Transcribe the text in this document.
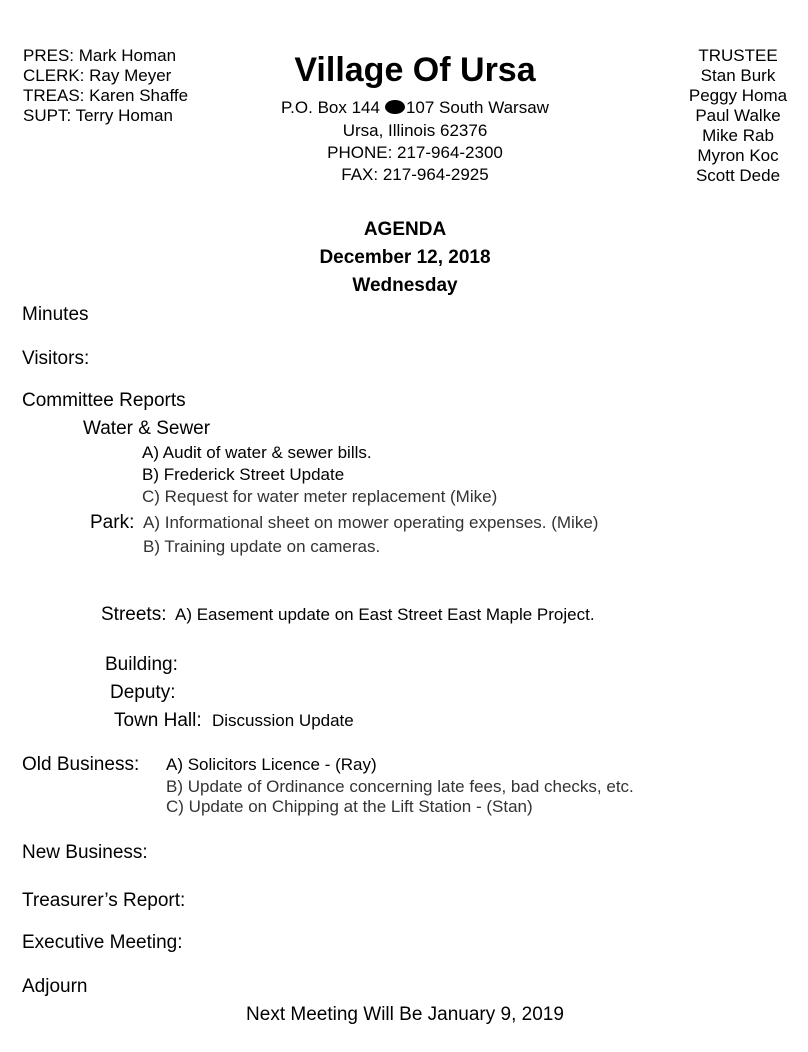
PRES: Mark Homan
CLERK: Ray Meyer
TREAS: Karen Shaffe
SUPT: Terry Homan
TRUSTEE
Stan Burk
Peggy Homa
Paul Walke
Mike Rab
Myron Koc
Scott Dede
Village Of Ursa
P.O. Box 144 107 South Warsaw
Ursa, Illinois 62376
PHONE: 217-964-2300
FAX: 217-964-2925
AGENDA
December 12, 2018
Wednesday
Minutes
Visitors:
Committee Reports
Water & Sewer
A) Audit of water & sewer bills.
B) Frederick Street Update
C) Request for water meter replacement (Mike)
Park: A) Informational sheet on mower operating expenses. (Mike)
B) Training update on cameras.
Streets: A) Easement update on East Street East Maple Project.
Building:
Deputy:
Town Hall: Discussion Update
Old Business: A) Solicitors Licence - (Ray)
B) Update of Ordinance concerning late fees, bad checks, etc.
C) Update on Chipping at the Lift Station - (Stan)
New Business:
Treasurer’s Report:
Executive Meeting:
Adjourn
Next Meeting Will Be January 9, 2019
